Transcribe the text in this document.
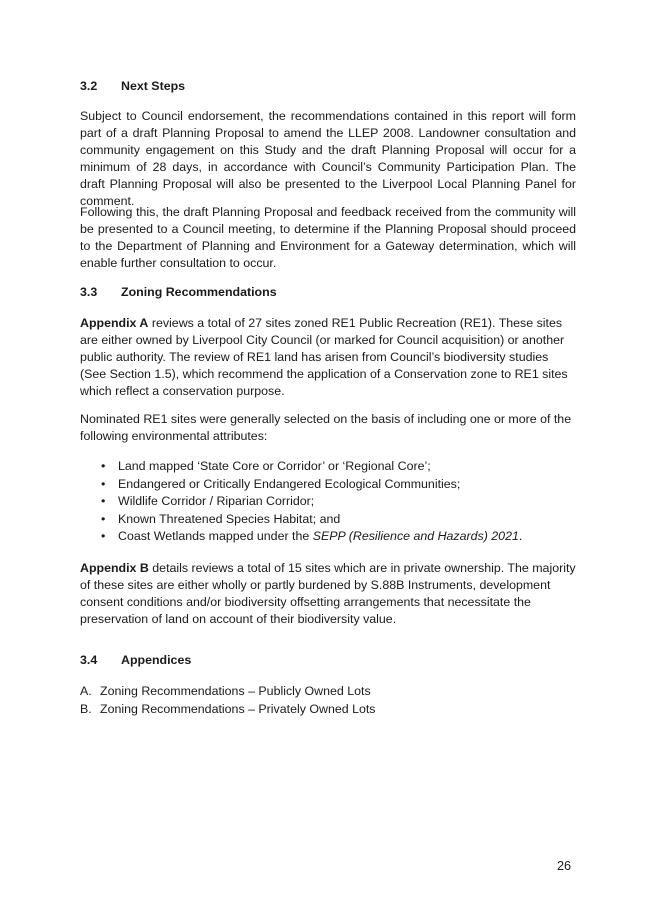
3.2 Next Steps

Subject to Council endorsement, the recommendations contained in this report will form part of a draft Planning Proposal to amend the LLEP 2008. Landowner consultation and community engagement on this Study and the draft Planning Proposal will occur for a minimum of 28 days, in accordance with Council’s Community Participation Plan. The draft Planning Proposal will also be presented to the Liverpool Local Planning Panel for comment.

Following this, the draft Planning Proposal and feedback received from the community will be presented to a Council meeting, to determine if the Planning Proposal should proceed to the Department of Planning and Environment for a Gateway determination, which will enable further consultation to occur.

3.3 Zoning Recommendations

Appendix A reviews a total of 27 sites zoned RE1 Public Recreation (RE1). These sites are either owned by Liverpool City Council (or marked for Council acquisition) or another public authority. The review of RE1 land has arisen from Council’s biodiversity studies (See Section 1.5), which recommend the application of a Conservation zone to RE1 sites which reflect a conservation purpose.

Nominated RE1 sites were generally selected on the basis of including one or more of the following environmental attributes:

• Land mapped ‘State Core or Corridor’ or ‘Regional Core’;
• Endangered or Critically Endangered Ecological Communities;
• Wildlife Corridor / Riparian Corridor;
• Known Threatened Species Habitat; and
• Coast Wetlands mapped under the SEPP (Resilience and Hazards) 2021.

Appendix B details reviews a total of 15 sites which are in private ownership. The majority of these sites are either wholly or partly burdened by S.88B Instruments, development consent conditions and/or biodiversity offsetting arrangements that necessitate the preservation of land on account of their biodiversity value.

3.4 Appendices
A. Zoning Recommendations – Publicly Owned Lots
B. Zoning Recommendations – Privately Owned Lots
26
